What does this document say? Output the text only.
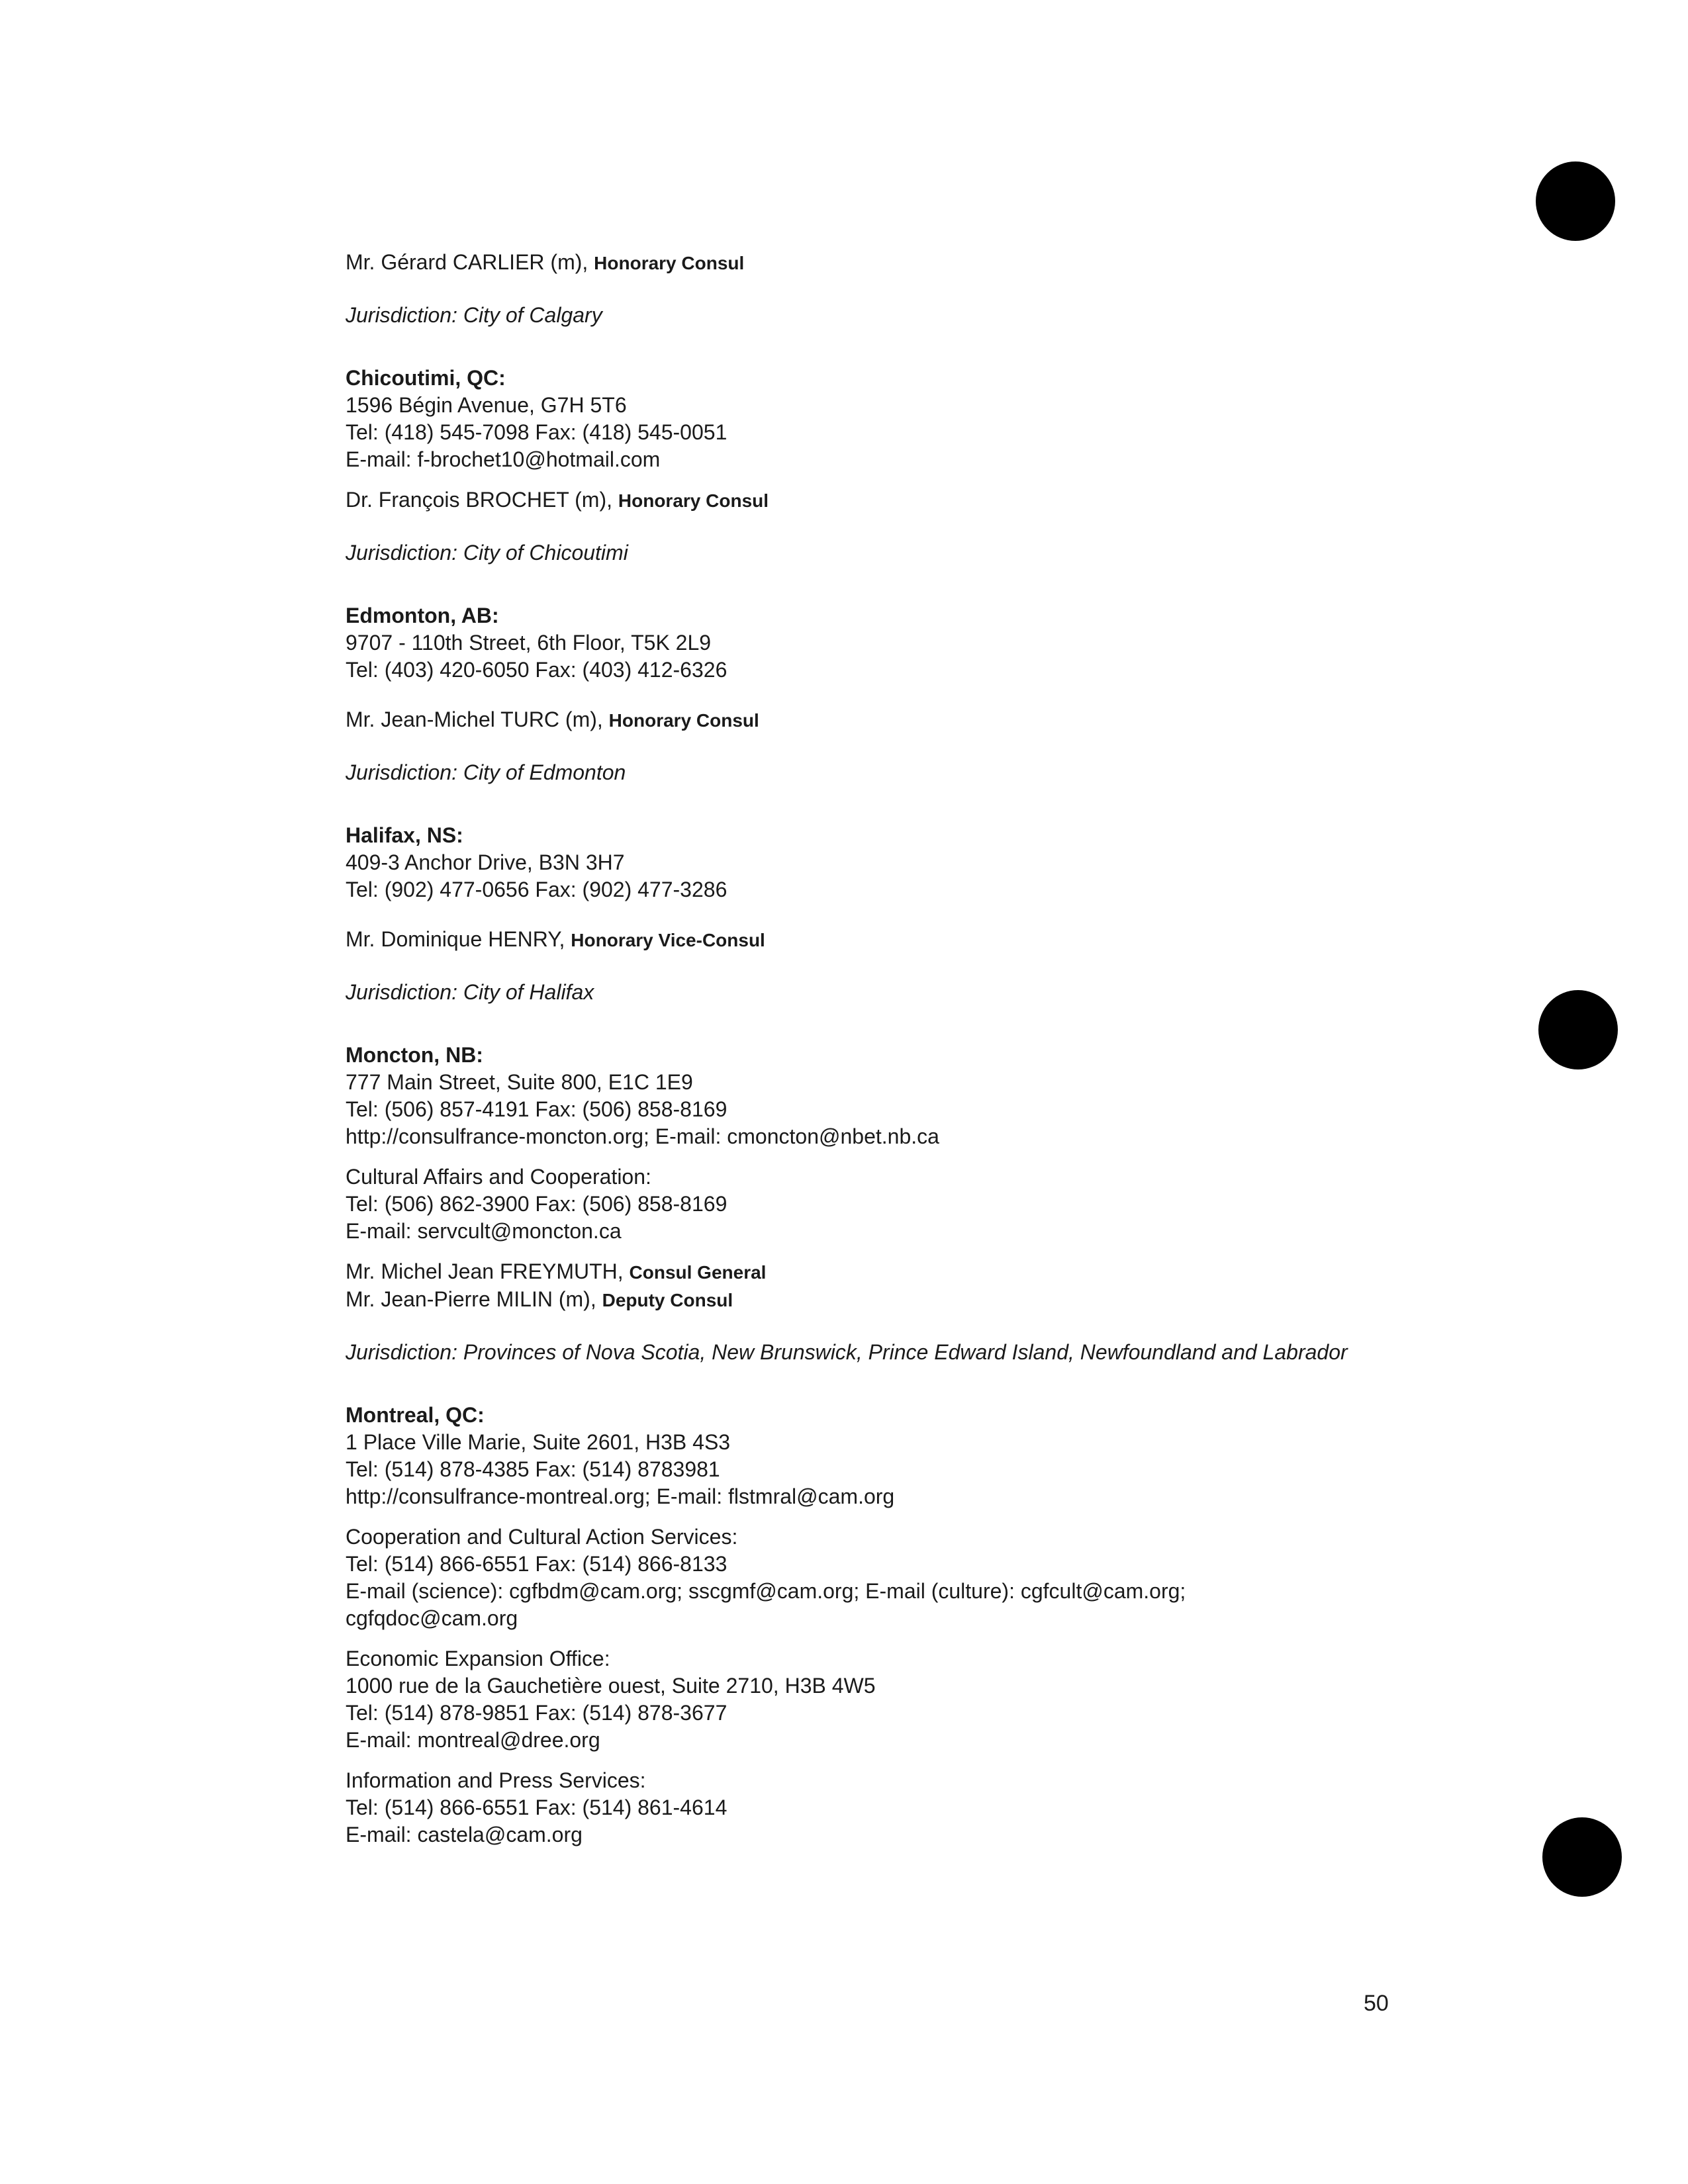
Mr. Gérard CARLIER (m), Honorary Consul
Jurisdiction: City of Calgary
Chicoutimi, QC:
1596 Bégin Avenue, G7H 5T6
Tel: (418) 545-7098 Fax: (418) 545-0051
E-mail: f-brochet10@hotmail.com
Dr. François BROCHET (m), Honorary Consul
Jurisdiction: City of Chicoutimi
Edmonton, AB:
9707 - 110th Street, 6th Floor, T5K 2L9
Tel: (403) 420-6050 Fax: (403) 412-6326
Mr. Jean-Michel TURC (m), Honorary Consul
Jurisdiction: City of Edmonton
Halifax, NS:
409-3 Anchor Drive, B3N 3H7
Tel: (902) 477-0656 Fax: (902) 477-3286
Mr. Dominique HENRY, Honorary Vice-Consul
Jurisdiction: City of Halifax
Moncton, NB:
777 Main Street, Suite 800, E1C 1E9
Tel: (506) 857-4191 Fax: (506) 858-8169
http://consulfrance-moncton.org; E-mail: cmoncton@nbet.nb.ca
Cultural Affairs and Cooperation:
Tel: (506) 862-3900 Fax: (506) 858-8169
E-mail: servcult@moncton.ca
Mr. Michel Jean FREYMUTH, Consul General
Mr. Jean-Pierre MILIN (m), Deputy Consul
Jurisdiction: Provinces of Nova Scotia, New Brunswick, Prince Edward Island, Newfoundland and Labrador
Montreal, QC:
1 Place Ville Marie, Suite 2601, H3B 4S3
Tel: (514) 878-4385 Fax: (514) 8783981
http://consulfrance-montreal.org; E-mail: flstmral@cam.org
Cooperation and Cultural Action Services:
Tel: (514) 866-6551 Fax: (514) 866-8133
E-mail (science): cgfbdm@cam.org; sscgmf@cam.org; E-mail (culture): cgfcult@cam.org;
cgfqdoc@cam.org
Economic Expansion Office:
1000 rue de la Gauchetière ouest, Suite 2710, H3B 4W5
Tel: (514) 878-9851 Fax: (514) 878-3677
E-mail: montreal@dree.org
Information and Press Services:
Tel: (514) 866-6551 Fax: (514) 861-4614
E-mail: castela@cam.org
50
